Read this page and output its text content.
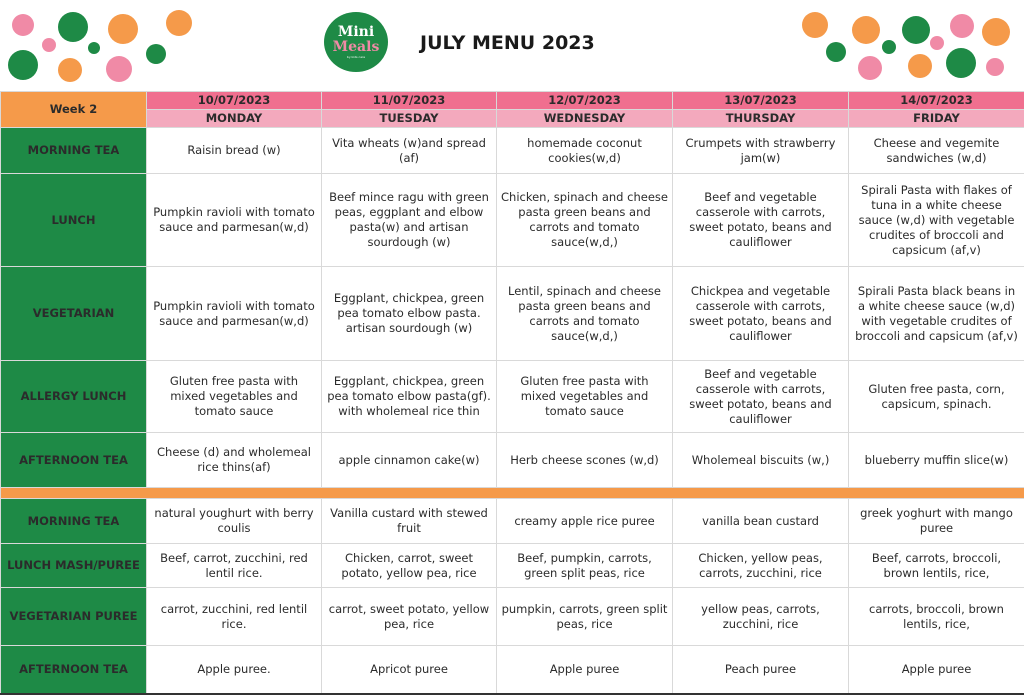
Mini
Meals
by kids care
JULY MENU 2023
Week 2	10/07/2023	11/07/2023	12/07/2023	13/07/2023	14/07/2023
	MONDAY	TUESDAY	WEDNESDAY	THURSDAY	FRIDAY
MORNING TEA	Raisin bread (w)	Vita wheats (w)and spread (af)	homemade coconut cookies(w,d)	Crumpets with strawberry jam(w)	Cheese and vegemite sandwiches (w,d)
LUNCH	Pumpkin ravioli with tomato sauce and parmesan(w,d)	Beef mince ragu with green peas, eggplant and elbow pasta(w) and artisan sourdough (w)	Chicken, spinach and cheese pasta green beans and carrots and tomato sauce(w,d,)	Beef and vegetable casserole with carrots, sweet potato, beans and cauliflower	Spirali Pasta with flakes of tuna in a white cheese sauce (w,d) with vegetable crudites of broccoli and capsicum (af,v)
VEGETARIAN	Pumpkin ravioli with tomato sauce and parmesan(w,d)	Eggplant, chickpea, green pea tomato elbow pasta. artisan sourdough (w)	Lentil, spinach and cheese pasta green beans and carrots and tomato sauce(w,d,)	Chickpea and vegetable casserole with carrots, sweet potato, beans and cauliflower	Spirali Pasta black beans in a white cheese sauce (w,d) with vegetable crudites of broccoli and capsicum (af,v)
ALLERGY LUNCH	Gluten free pasta with mixed vegetables and tomato sauce	Eggplant, chickpea, green pea tomato elbow pasta(gf). with wholemeal rice thin	Gluten free pasta with mixed vegetables and tomato sauce	Beef and vegetable casserole with carrots, sweet potato, beans and cauliflower	Gluten free pasta, corn, capsicum, spinach.
AFTERNOON TEA	Cheese (d) and wholemeal rice thins(af)	apple cinnamon cake(w)	Herb cheese scones (w,d)	Wholemeal biscuits (w,)	blueberry muffin slice(w)

MORNING TEA	natural youghurt with berry coulis	Vanilla custard with stewed fruit	creamy apple rice puree	vanilla bean custard	greek yoghurt with mango puree
LUNCH MASH/PUREE	Beef, carrot, zucchini, red lentil rice.	Chicken, carrot, sweet potato, yellow pea, rice	Beef, pumpkin, carrots, green split peas, rice	Chicken, yellow peas, carrots, zucchini, rice	Beef, carrots, broccoli, brown lentils, rice,
VEGETARIAN PUREE	carrot, zucchini, red lentil rice.	carrot, sweet potato, yellow pea, rice	pumpkin, carrots, green split peas, rice	yellow peas, carrots, zucchini, rice	carrots, broccoli, brown lentils, rice,
AFTERNOON TEA	Apple puree.	Apricot puree	Apple puree	Peach puree	Apple puree
